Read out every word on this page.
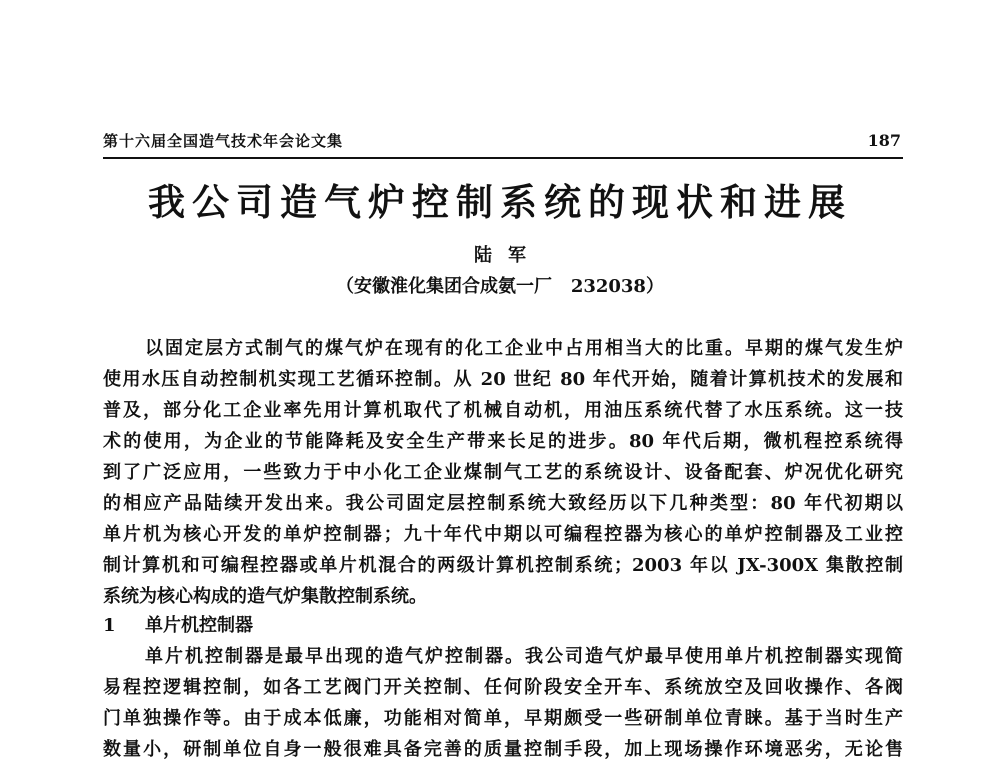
第十六届全国造气技术年会论文集	187
我公司造气炉控制系统的现状和进展
陆军
（安徽淮化集团合成氨一厂   232038）
以固定层方式制气的煤气炉在现有的化工企业中占用相当大的比重。早期的煤气发生炉
使用水压自动控制机实现工艺循环控制。从 20 世纪 80 年代开始，随着计算机技术的发展和
普及，部分化工企业率先用计算机取代了机械自动机，用油压系统代替了水压系统。这一技
术的使用，为企业的节能降耗及安全生产带来长足的进步。80 年代后期，微机程控系统得
到了广泛应用，一些致力于中小化工企业煤制气工艺的系统设计、设备配套、炉况优化研究
的相应产品陆续开发出来。我公司固定层控制系统大致经历以下几种类型：80 年代初期以
单片机为核心开发的单炉控制器；九十年代中期以可编程控器为核心的单炉控制器及工业控
制计算机和可编程控器或单片机混合的两级计算机控制系统；2003 年以 JX-300X 集散控制
系统为核心构成的造气炉集散控制系统。
1 单片机控制器
单片机控制器是最早出现的造气炉控制器。我公司造气炉最早使用单片机控制器实现简
易程控逻辑控制，如各工艺阀门开关控制、任何阶段安全开车、系统放空及回收操作、各阀
门单独操作等。由于成本低廉，功能相对简单，早期颇受一些研制单位青睐。基于当时生产
数量小，研制单位自身一般很难具备完善的质量控制手段，加上现场操作环境恶劣，无论售
